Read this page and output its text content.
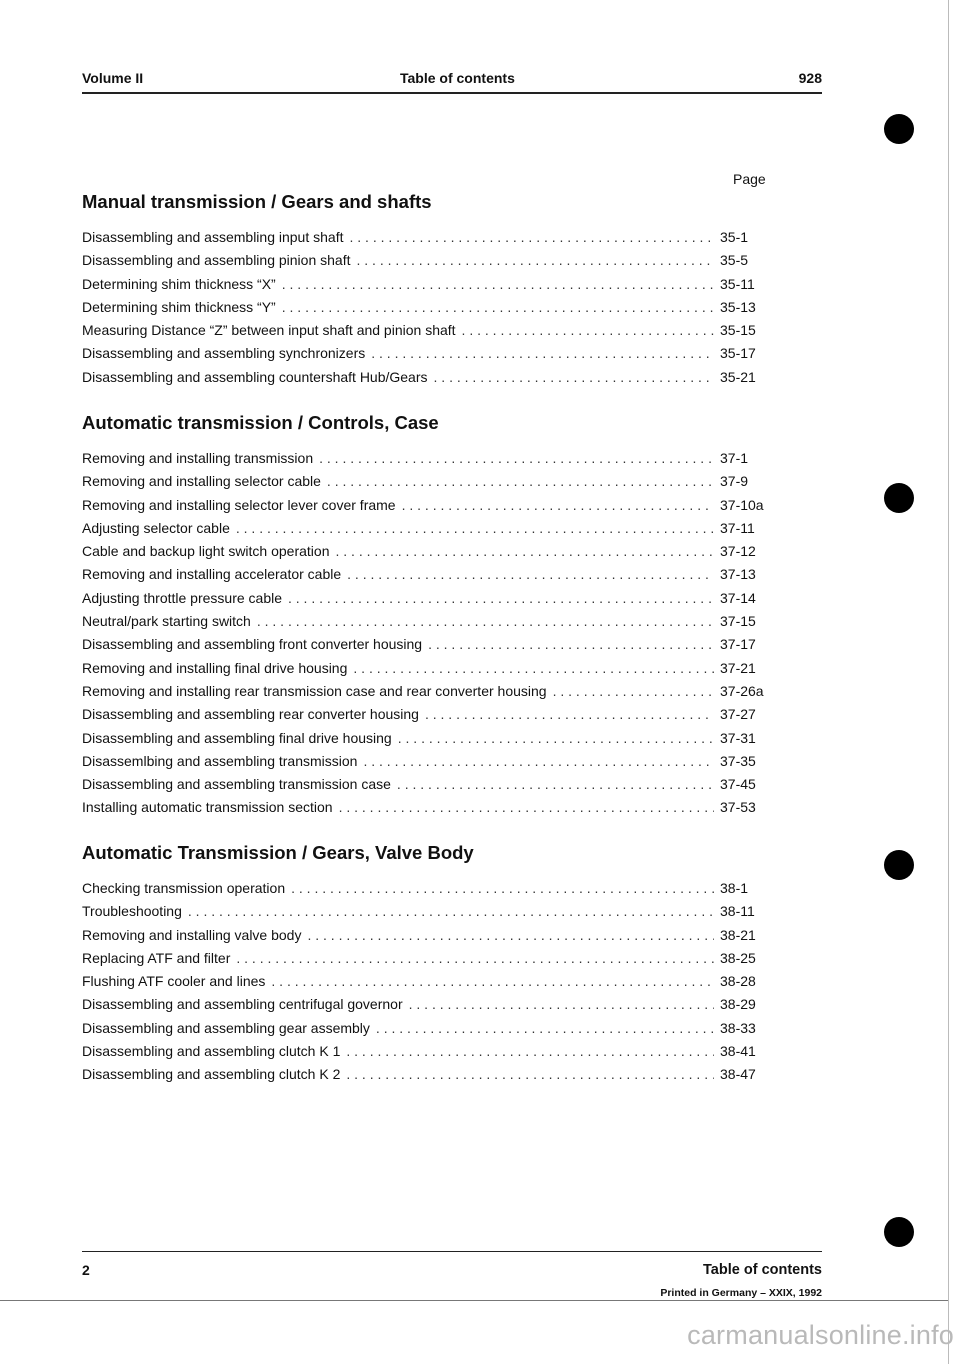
Volume II	Table of contents	928
Page
Manual transmission / Gears and shafts
Disassembling and assembling input shaft . . .	35-1
Disassembling and assembling pinion shaft . . .	35-5
Determining shim thickness “X” . . .	35-11
Determining shim thickness “Y” . . .	35-13
Measuring Distance “Z” between input shaft and pinion shaft . . .	35-15
Disassembling and assembling synchronizers . . .	35-17
Disassembling and assembling countershaft Hub/Gears . . .	35-21
Automatic transmission / Controls, Case
Removing and installing transmission . . .	37-1
Removing and installing selector cable . . .	37-9
Removing and installing selector lever cover frame . . .	37-10a
Adjusting selector cable . . .	37-11
Cable and backup light switch operation . . .	37-12
Removing and installing accelerator cable . . .	37-13
Adjusting throttle pressure cable . . .	37-14
Neutral/park starting switch . . .	37-15
Disassembling and assembling front converter housing . . .	37-17
Removing and installing final drive housing . . .	37-21
Removing and installing rear transmission case and rear converter housing . . .	37-26a
Disassembling and assembling rear converter housing . . .	37-27
Disassembling and assembling final drive housing . . .	37-31
Disassemlbing and assembling transmission . . .	37-35
Disassembling and assembling transmission case . . .	37-45
Installing automatic transmission section . . .	37-53
Automatic Transmission / Gears, Valve Body
Checking transmission operation . . .	38-1
Troubleshooting . . .	38-11
Removing and installing valve body . . .	38-21
Replacing ATF and filter . . .	38-25
Flushing ATF cooler and lines . . .	38-28
Disassembling and assembling centrifugal governor . . .	38-29
Disassembling and assembling gear assembly . . .	38-33
Disassembling and assembling clutch K 1 . . .	38-41
Disassembling and assembling clutch K 2 . . .	38-47
2	Table of contents
Printed in Germany – XXIX, 1992
carmanualsonline.info
